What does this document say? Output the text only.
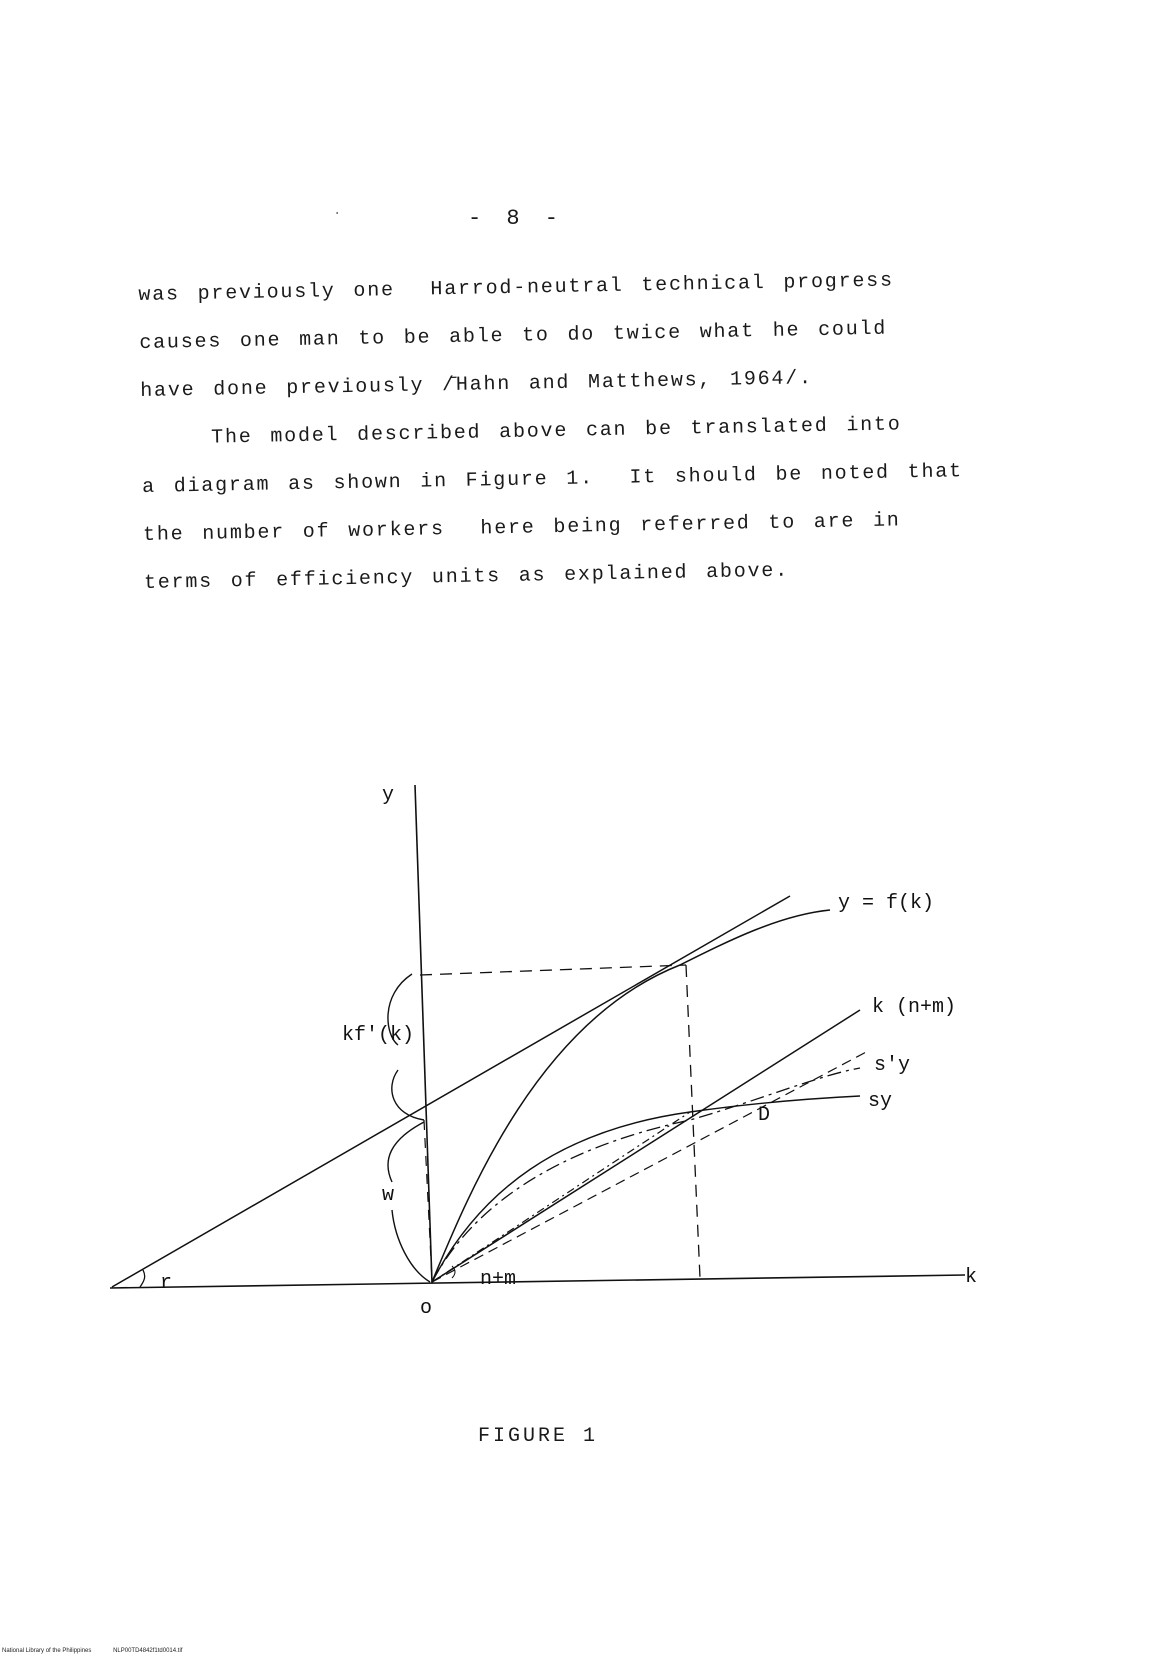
- 8 -
·
was previously one  Harrod-neutral technical progress
causes one man to be able to do twice what he could
have done previously /̄Hahn and Matthews, 1964/.
The model described above can be translated into
a diagram as shown in Figure 1.  It should be noted that
the number of workers  here being referred to are in
terms of efficiency units as explained above.
y
k
o
y = f(k)
k (n+m)
s'y
sy
D
kf'(k)
w
r	n+m
FIGURE 1
National Library of the Philippines	NLP00TD4842f1td0014.tif
